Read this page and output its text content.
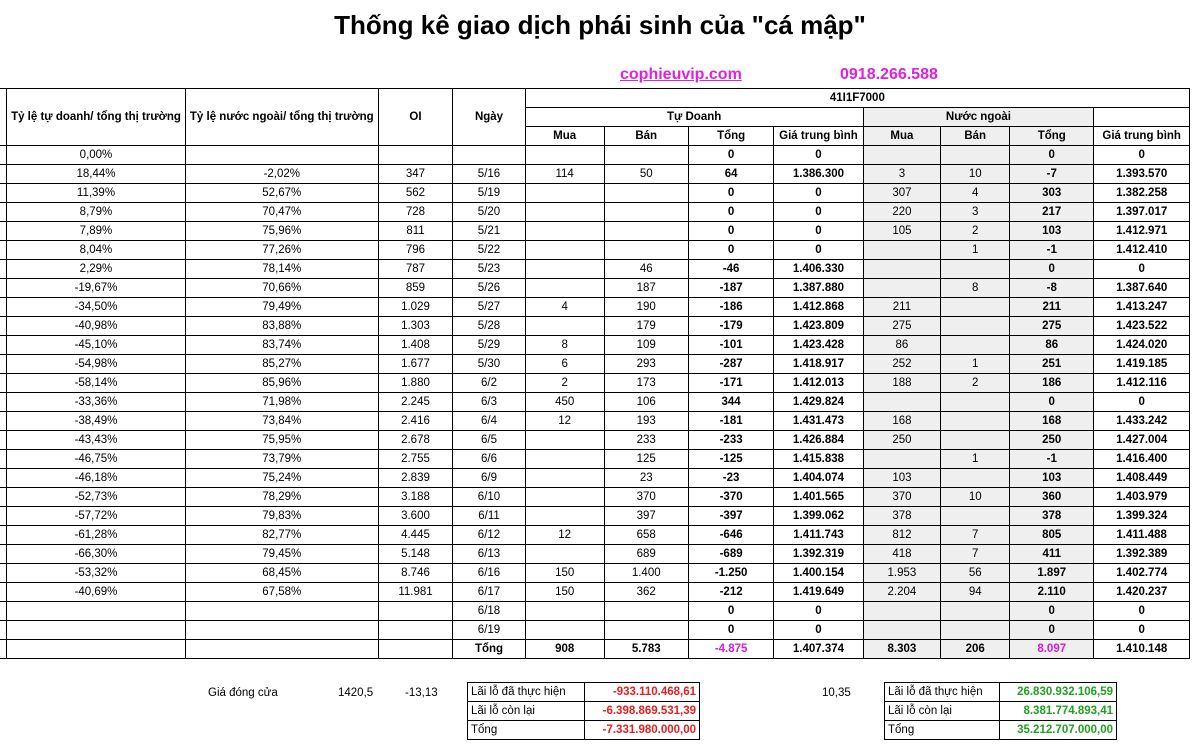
Thống kê giao dịch phái sinh của "cá mập"
cophieuvip.com	0918.266.588
	Tỷ lệ tự doanh/ tổng thị trường	Tỷ lệ nước ngoài/ tổng thị trường	OI	Ngày	41I1F7000							
					Tự Doanh				Nước ngoài			
					Mua	Bán	Tổng	Giá trung bình	Mua	Bán	Tổng	Giá trung bình
	0,00%						0	0			0	0
	18,44%	-2,02%	347	5/16	114	50	64	1.386.300	3	10	-7	1.393.570
	11,39%	52,67%	562	5/19			0	0	307	4	303	1.382.258
	8,79%	70,47%	728	5/20			0	0	220	3	217	1.397.017
	7,89%	75,96%	811	5/21			0	0	105	2	103	1.412.971
	8,04%	77,26%	796	5/22			0	0		1	-1	1.412.410
	2,29%	78,14%	787	5/23		46	-46	1.406.330			0	0
	-19,67%	70,66%	859	5/26		187	-187	1.387.880		8	-8	1.387.640
	-34,50%	79,49%	1.029	5/27	4	190	-186	1.412.868	211		211	1.413.247
	-40,98%	83,88%	1.303	5/28		179	-179	1.423.809	275		275	1.423.522
	-45,10%	83,74%	1.408	5/29	8	109	-101	1.423.428	86		86	1.424.020
	-54,98%	85,27%	1.677	5/30	6	293	-287	1.418.917	252	1	251	1.419.185
	-58,14%	85,96%	1.880	6/2	2	173	-171	1.412.013	188	2	186	1.412.116
	-33,36%	71,98%	2.245	6/3	450	106	344	1.429.824			0	0
	-38,49%	73,84%	2.416	6/4	12	193	-181	1.431.473	168		168	1.433.242
	-43,43%	75,95%	2.678	6/5		233	-233	1.426.884	250		250	1.427.004
	-46,75%	73,79%	2.755	6/6		125	-125	1.415.838		1	-1	1.416.400
	-46,18%	75,24%	2.839	6/9		23	-23	1.404.074	103		103	1.408.449
	-52,73%	78,29%	3.188	6/10		370	-370	1.401.565	370	10	360	1.403.979
	-57,72%	79,83%	3.600	6/11		397	-397	1.399.062	378		378	1.399.324
	-61,28%	82,77%	4.445	6/12	12	658	-646	1.411.743	812	7	805	1.411.488
	-66,30%	79,45%	5.148	6/13		689	-689	1.392.319	418	7	411	1.392.389
	-53,32%	68,45%	8.746	6/16	150	1.400	-1.250	1.400.154	1.953	56	1.897	1.402.774
	-40,69%	67,58%	11.981	6/17	150	362	-212	1.419.649	2.204	94	2.110	1.420.237
				6/18			0	0			0	0
				6/19			0	0			0	0
				Tổng	908	5.783	-4.875	1.407.374	8.303	206	8.097	1.410.148
Giá đóng cửa	1420,5	-13,13	10,35
Lãi lỗ đã thực hiện	-933.110.468,61
Lãi lỗ còn lại	-6.398.869.531,39
Tổng	-7.331.980.000,00
Lãi lỗ đã thực hiện	26.830.932.106,59
Lãi lỗ còn lại	8.381.774.893,41
Tổng	35.212.707.000,00
